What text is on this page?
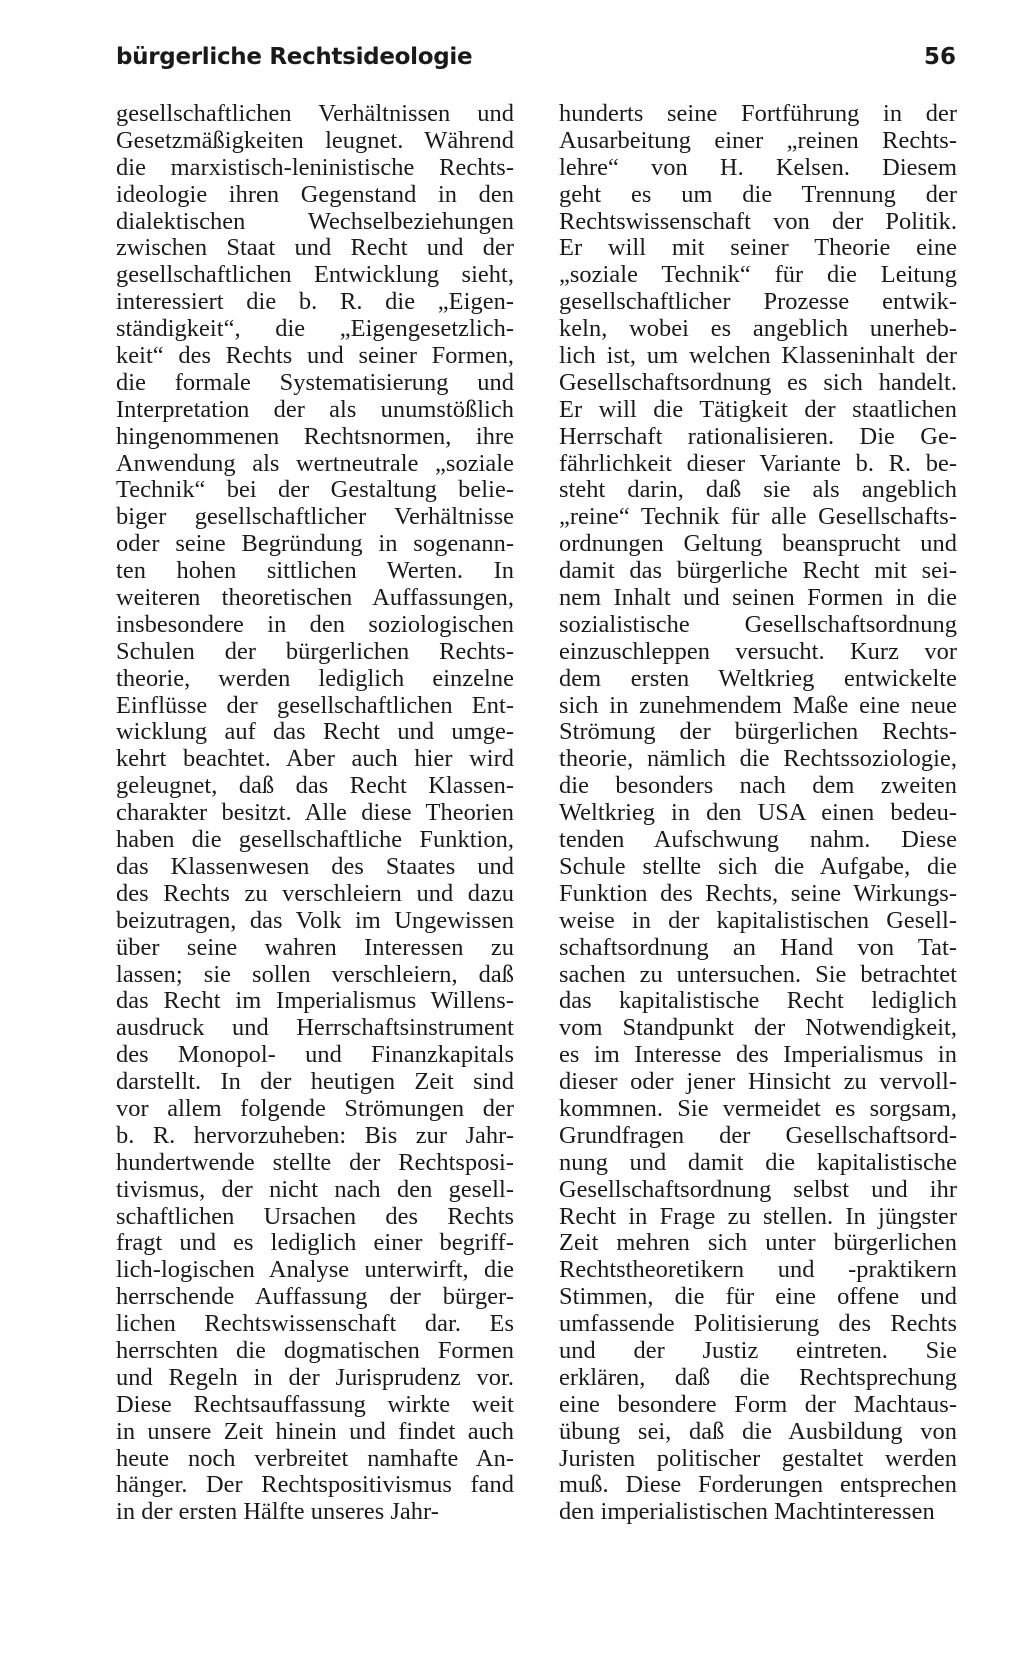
bürgerliche Rechtsideologie	56
gesellschaftlichen Verhältnissen und
Gesetzmäßigkeiten leugnet. Während
die marxistisch-leninistische Rechts-
ideologie ihren Gegenstand in den
dialektischen Wechselbeziehungen
zwischen Staat und Recht und der
gesellschaftlichen Entwicklung sieht,
interessiert die b. R. die „Eigen-
ständigkeit“, die „Eigengesetzlich-
keit“ des Rechts und seiner Formen,
die formale Systematisierung und
Interpretation der als unumstößlich
hingenommenen Rechtsnormen, ihre
Anwendung als wertneutrale „soziale
Technik“ bei der Gestaltung belie-
biger gesellschaftlicher Verhältnisse
oder seine Begründung in sogenann-
ten hohen sittlichen Werten. In
weiteren theoretischen Auffassungen,
insbesondere in den soziologischen
Schulen der bürgerlichen Rechts-
theorie, werden lediglich einzelne
Einflüsse der gesellschaftlichen Ent-
wicklung auf das Recht und umge-
kehrt beachtet. Aber auch hier wird
geleugnet, daß das Recht Klassen-
charakter besitzt. Alle diese Theorien
haben die gesellschaftliche Funktion,
das Klassenwesen des Staates und
des Rechts zu verschleiern und dazu
beizutragen, das Volk im Ungewissen
über seine wahren Interessen zu
lassen; sie sollen verschleiern, daß
das Recht im Imperialismus Willens-
ausdruck und Herrschaftsinstrument
des Monopol- und Finanzkapitals
darstellt. In der heutigen Zeit sind
vor allem folgende Strömungen der
b. R. hervorzuheben: Bis zur Jahr-
hundertwende stellte der Rechtsposi-
tivismus, der nicht nach den gesell-
schaftlichen Ursachen des Rechts
fragt und es lediglich einer begriff-
lich-logischen Analyse unterwirft, die
herrschende Auffassung der bürger-
lichen Rechtswissenschaft dar. Es
herrschten die dogmatischen Formen
und Regeln in der Jurisprudenz vor.
Diese Rechtsauffassung wirkte weit
in unsere Zeit hinein und findet auch
heute noch verbreitet namhafte An-
hänger. Der Rechtspositivismus fand
in der ersten Hälfte unseres Jahr-
hunderts seine Fortführung in der
Ausarbeitung einer „reinen Rechts-
lehre“ von H. Kelsen. Diesem
geht es um die Trennung der
Rechtswissenschaft von der Politik.
Er will mit seiner Theorie eine
„soziale Technik“ für die Leitung
gesellschaftlicher Prozesse entwik-
keln, wobei es angeblich unerheb-
lich ist, um welchen Klasseninhalt der
Gesellschaftsordnung es sich handelt.
Er will die Tätigkeit der staatlichen
Herrschaft rationalisieren. Die Ge-
fährlichkeit dieser Variante b. R. be-
steht darin, daß sie als angeblich
„reine“ Technik für alle Gesellschafts-
ordnungen Geltung beansprucht und
damit das bürgerliche Recht mit sei-
nem Inhalt und seinen Formen in die
sozialistische Gesellschaftsordnung
einzuschleppen versucht. Kurz vor
dem ersten Weltkrieg entwickelte
sich in zunehmendem Maße eine neue
Strömung der bürgerlichen Rechts-
theorie, nämlich die Rechtssoziologie,
die besonders nach dem zweiten
Weltkrieg in den USA einen bedeu-
tenden Aufschwung nahm. Diese
Schule stellte sich die Aufgabe, die
Funktion des Rechts, seine Wirkungs-
weise in der kapitalistischen Gesell-
schaftsordnung an Hand von Tat-
sachen zu untersuchen. Sie betrachtet
das kapitalistische Recht lediglich
vom Standpunkt der Notwendigkeit,
es im Interesse des Imperialismus in
dieser oder jener Hinsicht zu vervoll-
kommnen. Sie vermeidet es sorgsam,
Grundfragen der Gesellschaftsord-
nung und damit die kapitalistische
Gesellschaftsordnung selbst und ihr
Recht in Frage zu stellen. In jüngster
Zeit mehren sich unter bürgerlichen
Rechtstheoretikern und -praktikern
Stimmen, die für eine offene und
umfassende Politisierung des Rechts
und der Justiz eintreten. Sie
erklären, daß die Rechtsprechung
eine besondere Form der Machtaus-
übung sei, daß die Ausbildung von
Juristen politischer gestaltet werden
muß. Diese Forderungen entsprechen
den imperialistischen Machtinteressen
